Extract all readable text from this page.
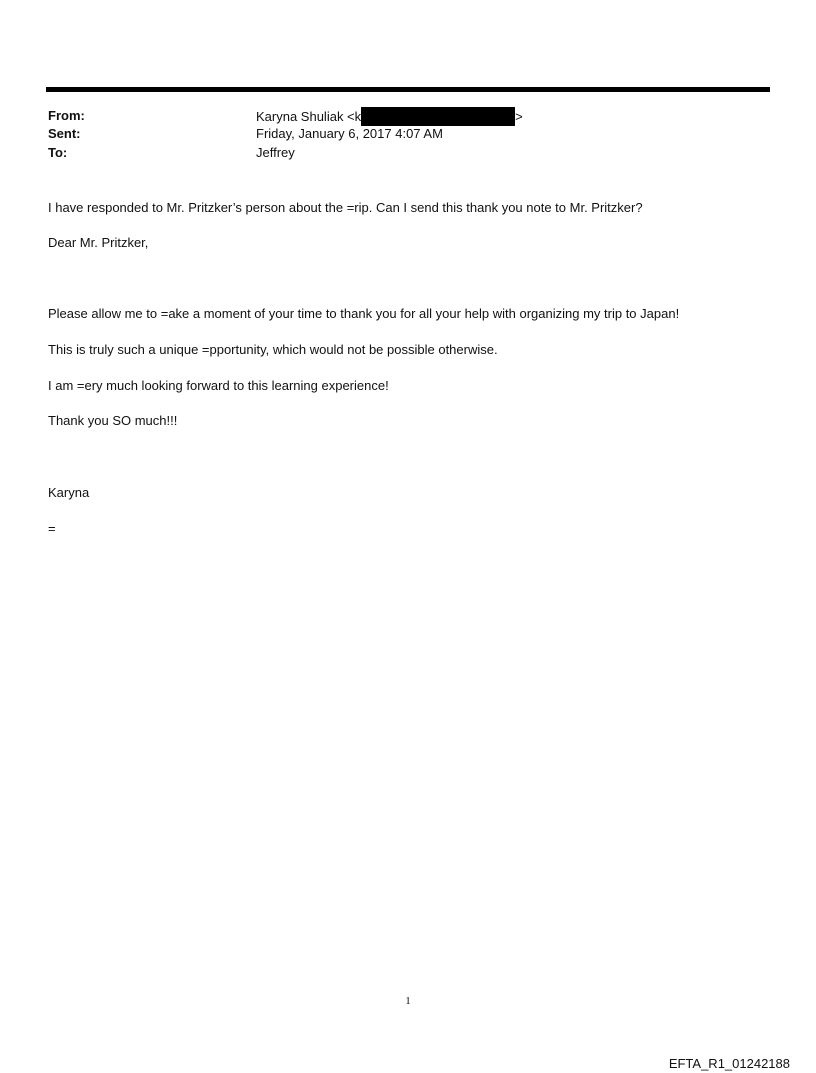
From:	Karyna Shuliak <k	>
Sent:	Friday, January 6, 2017 4:07 AM
To:	Jeffrey
I have responded to Mr. Pritzker’s person about the =rip. Can I send this thank you note to Mr. Pritzker?
Dear Mr. Pritzker,
Please allow me to =ake a moment of your time to thank you for all your help with organizing my trip to Japan!
This is truly such a unique =pportunity, which would not be possible otherwise.
I am =ery much looking forward to this learning experience!
Thank you SO much!!!
Karyna
=
1
EFTA_R1_01242188
